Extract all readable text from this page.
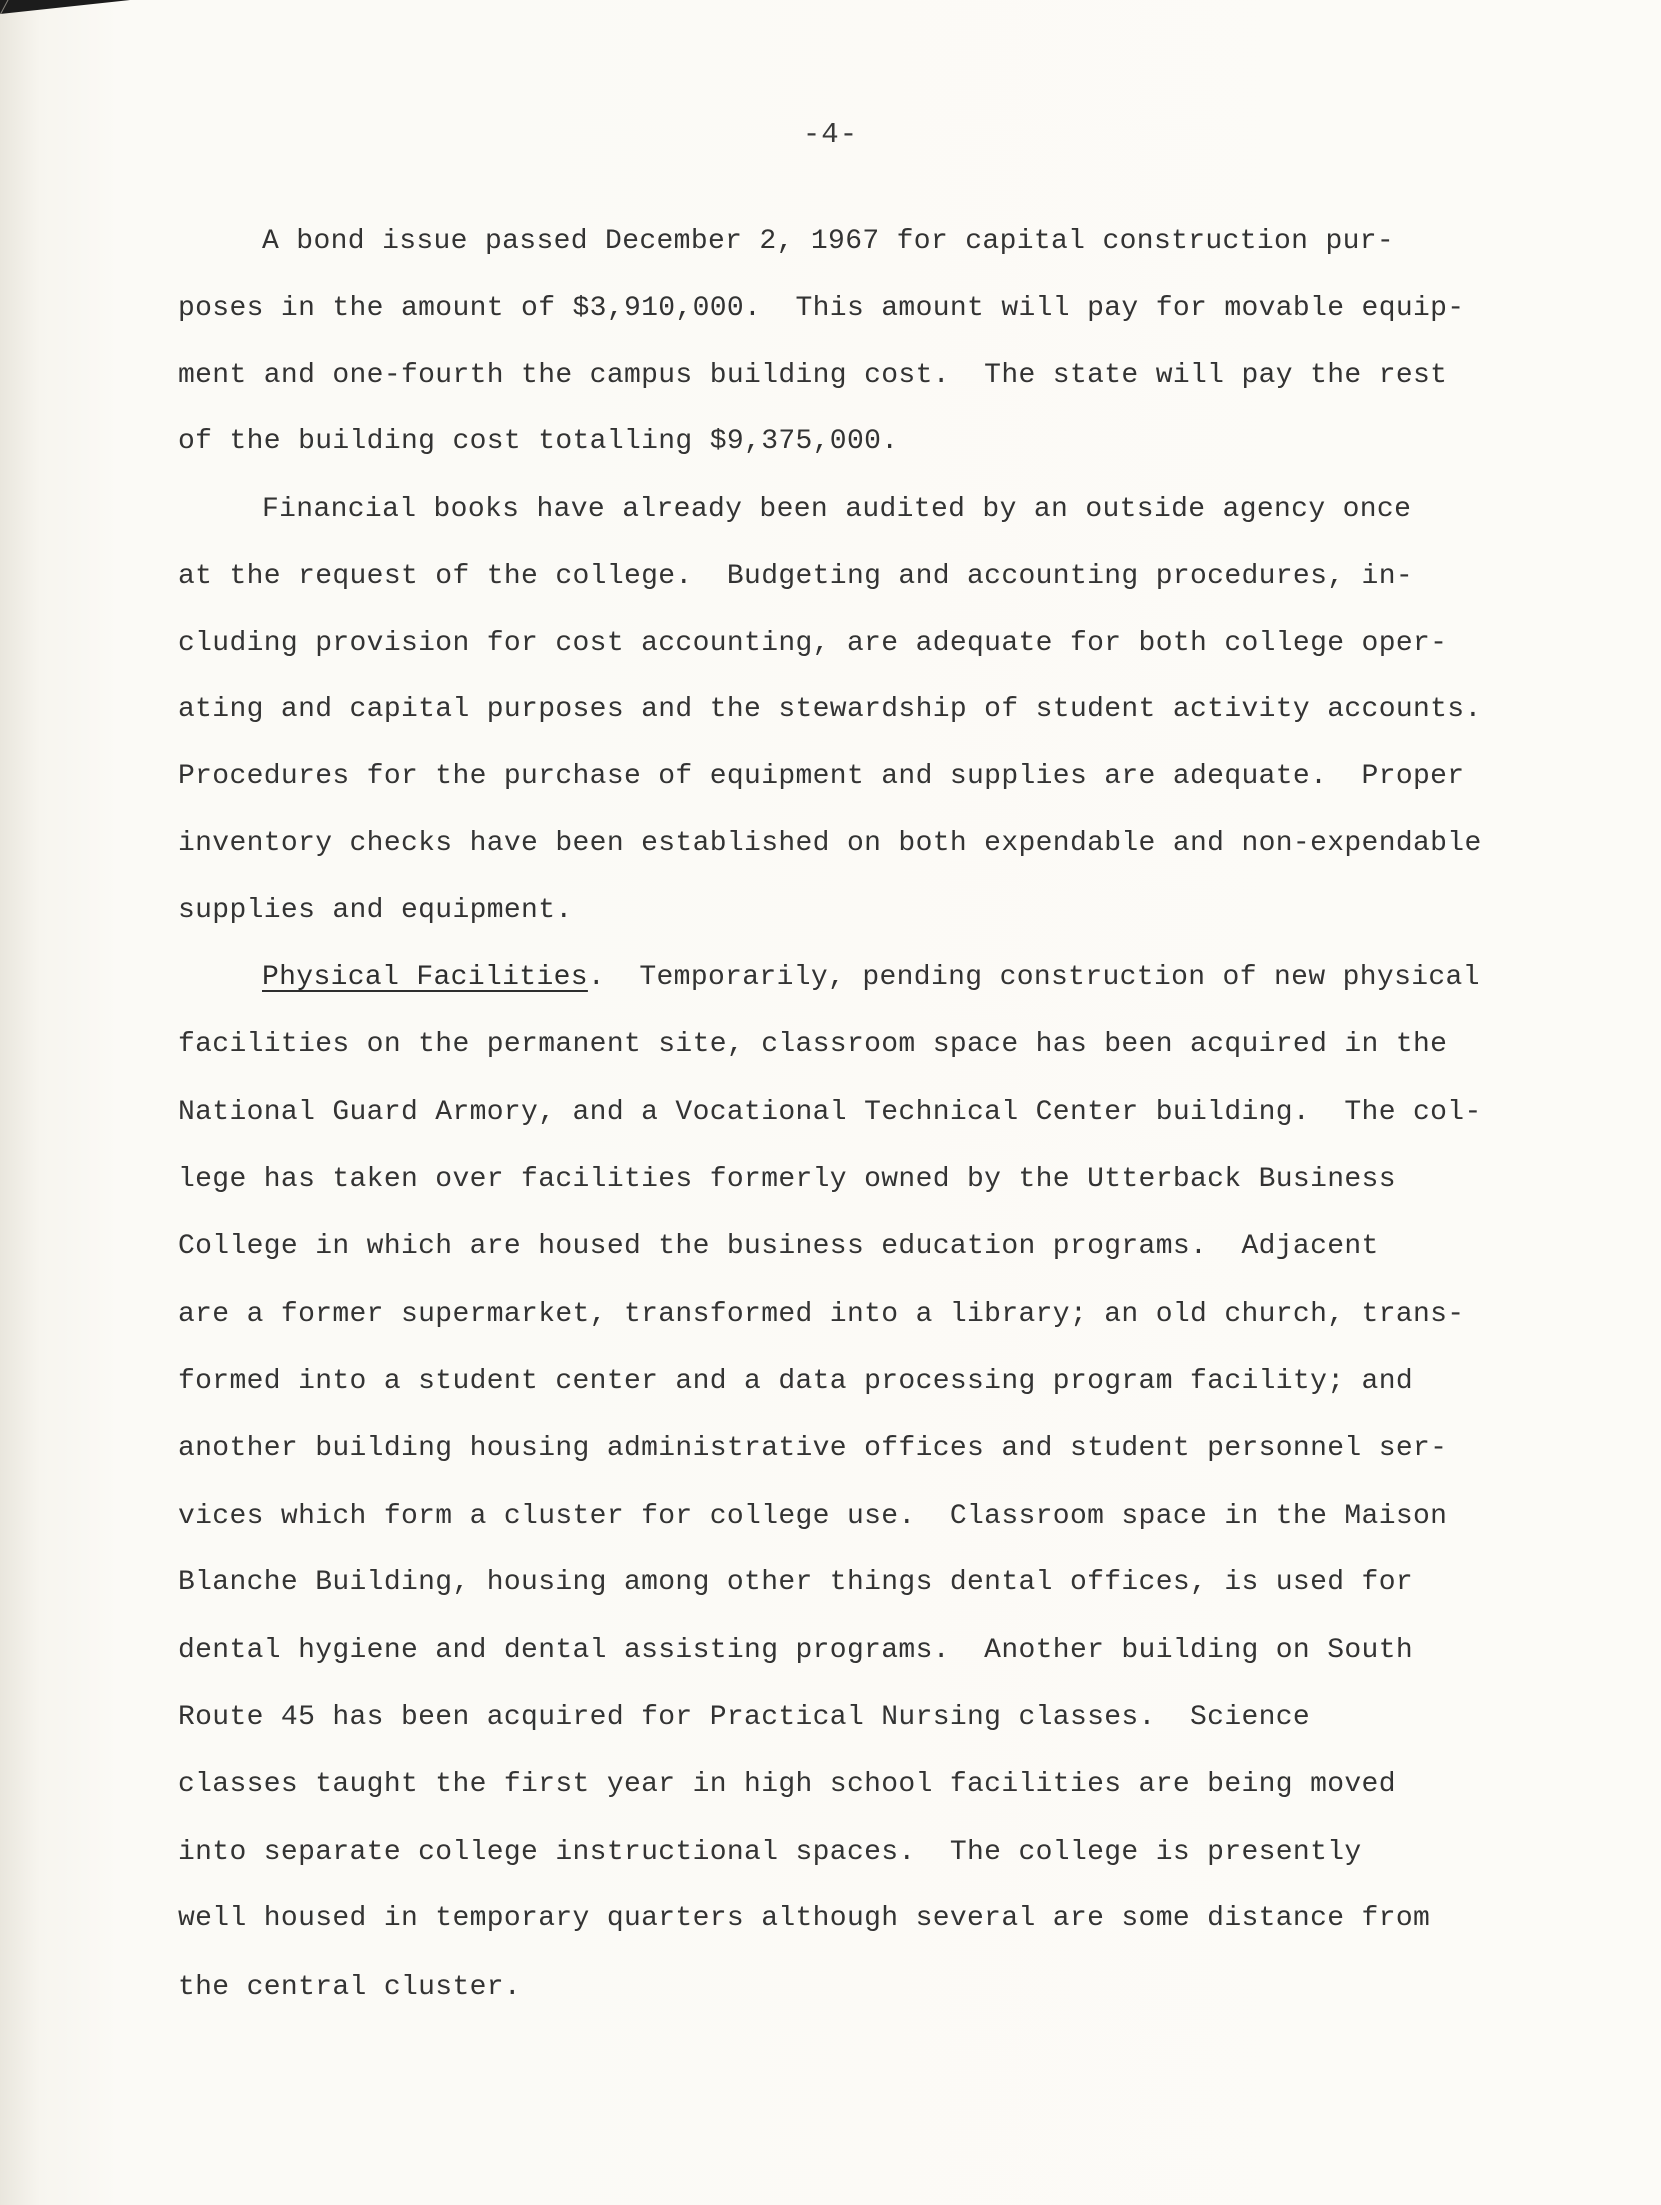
-4-
A bond issue passed December 2, 1967 for capital construction pur-
poses in the amount of $3,910,000.  This amount will pay for movable equip-
ment and one-fourth the campus building cost.  The state will pay the rest
of the building cost totalling $9,375,000.
Financial books have already been audited by an outside agency once
at the request of the college.  Budgeting and accounting procedures, in-
cluding provision for cost accounting, are adequate for both college oper-
ating and capital purposes and the stewardship of student activity accounts.
Procedures for the purchase of equipment and supplies are adequate.  Proper
inventory checks have been established on both expendable and non-expendable
supplies and equipment.
Physical Facilities.  Temporarily, pending construction of new physical
facilities on the permanent site, classroom space has been acquired in the
National Guard Armory, and a Vocational Technical Center building.  The col-
lege has taken over facilities formerly owned by the Utterback Business
College in which are housed the business education programs.  Adjacent
are a former supermarket, transformed into a library; an old church, trans-
formed into a student center and a data processing program facility; and
another building housing administrative offices and student personnel ser-
vices which form a cluster for college use.  Classroom space in the Maison
Blanche Building, housing among other things dental offices, is used for
dental hygiene and dental assisting programs.  Another building on South
Route 45 has been acquired for Practical Nursing classes.  Science
classes taught the first year in high school facilities are being moved
into separate college instructional spaces.  The college is presently
well housed in temporary quarters although several are some distance from
the central cluster.
